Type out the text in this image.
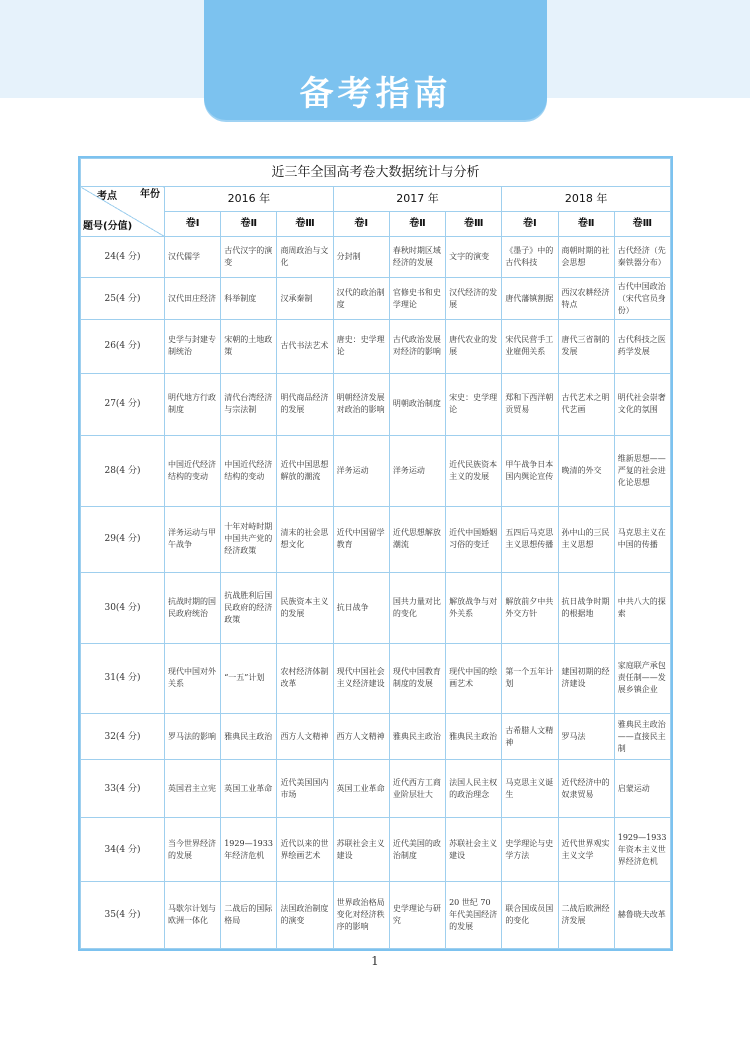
备考指南
近三年全国高考卷大数据统计与分析									

考点 年份
题号(分值)	2016 年			2017 年			2018 年		
	卷Ⅰ	卷Ⅱ	卷Ⅲ	卷Ⅰ	卷Ⅱ	卷Ⅲ	卷Ⅰ	卷Ⅱ	卷Ⅲ
24(4 分)	汉代儒学	古代汉字的演变	商周政治与文化	分封制	春秋时期区域经济的发展	文字的演变	《墨子》中的古代科技	商朝时期的社会思想	古代经济（先秦铁器分布）
25(4 分)	汉代田庄经济	科举制度	汉承秦制	汉代的政治制度	官修史书和史学理论	汉代经济的发展	唐代藩镇割据	西汉农耕经济特点	古代中国政治（宋代官员身份）
26(4 分)	史学与封建专制统治	宋朝的土地政策	古代书法艺术	唐史：史学理论	古代政治发展对经济的影响	唐代农业的发展	宋代民营手工业雇佣关系	唐代三省制的发展	古代科技之医药学发展
27(4 分)	明代地方行政制度	清代台湾经济与宗法制	明代商品经济的发展	明朝经济发展对政治的影响	明朝政治制度	宋史：史学理论	郑和下西洋朝贡贸易	古代艺术之明代艺画	明代社会崇奢文化的氛围
28(4 分)	中国近代经济结构的变动	中国近代经济结构的变动	近代中国思想解放的潮流	洋务运动	洋务运动	近代民族资本主义的发展	甲午战争日本国内舆论宣传	晚清的外交	维新思想——严复的社会进化论思想
29(4 分)	洋务运动与甲午战争	十年对峙时期中国共产党的经济政策	清末的社会思想文化	近代中国留学教育	近代思想解放潮流	近代中国婚姻习俗的变迁	五四后马克思主义思想传播	孙中山的三民主义思想	马克思主义在中国的传播
30(4 分)	抗战时期的国民政府统治	抗战胜利后国民政府的经济政策	民族资本主义的发展	抗日战争	国共力量对比的变化	解放战争与对外关系	解放前夕中共外交方针	抗日战争时期的根据地	中共八大的探索
31(4 分)	现代中国对外关系	“一五”计划	农村经济体制改革	现代中国社会主义经济建设	现代中国教育制度的发展	现代中国的绘画艺术	第一个五年计划	建国初期的经济建设	家庭联产承包责任制——发展乡镇企业
32(4 分)	罗马法的影响	雅典民主政治	西方人文精神	西方人文精神	雅典民主政治	雅典民主政治	古希腊人文精神	罗马法	雅典民主政治——直接民主制
33(4 分)	英国君主立宪	英国工业革命	近代美国国内市场	英国工业革命	近代西方工商业阶层壮大	法国人民主权的政治理念	马克思主义诞生	近代经济中的奴隶贸易	启蒙运动
34(4 分)	当今世界经济的发展	1929—1933 年经济危机	近代以来的世界绘画艺术	苏联社会主义建设	近代美国的政治制度	苏联社会主义建设	史学理论与史学方法	近代世界观实主义文学	1929—1933 年资本主义世界经济危机
35(4 分)	马歇尔计划与欧洲一体化	二战后的国际格局	法国政治制度的演变	世界政治格局变化对经济秩序的影响	史学理论与研究	20 世纪 70 年代美国经济的发展	联合国成员国的变化	二战后欧洲经济发展	赫鲁晓夫改革
1
